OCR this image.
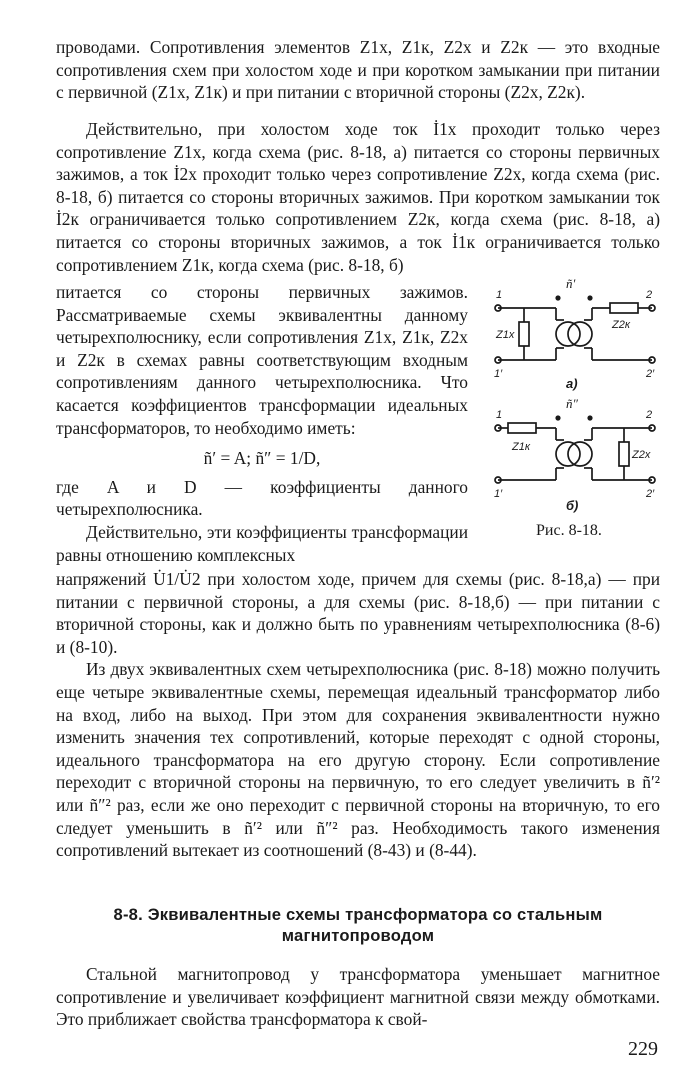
проводами. Сопротивления элементов Z1х, Z1к, Z2х и Z2к — это входные сопротивления схем при холостом ходе и при коротком замыкании при питании с первичной (Z1х, Z1к) и при питании с вторичной стороны (Z2х, Z2к).

Действительно, при холостом ходе ток İ1х проходит только через сопротивление Z1х, когда схема (рис. 8-18, а) питается со стороны первичных зажимов, а ток İ2х проходит только через сопротивление Z2х, когда схема (рис. 8-18, б) питается со стороны вторичных зажимов. При коротком замыкании ток İ2к ограничивается только сопротивлением Z2к, когда схема (рис. 8-18, а) питается со стороны вторичных зажимов, а ток İ1к ограничивается только сопротивлением Z1к, когда схема (рис. 8-18, б)

питается со стороны первичных зажимов. Рассматриваемые схемы эквивалентны данному четырехполюснику, если сопротивления Z1х, Z1к, Z2х и Z2к в схемах равны соответствующим входным сопротивлениям данного четырехполюсника. Что касается коэффициентов трансформации идеальных трансформаторов, то необходимо иметь:

ñ′ = A; ñ″ = 1/D,

где A и D — коэффициенты данного четырехполюсника.

Действительно, эти коэффициенты трансформации равны отношению комплексных

напряжений U̇1/U̇2 при холостом ходе, причем для схемы (рис. 8-18,а) — при питании с первичной стороны, а для схемы (рис. 8-18,б) — при питании с вторичной стороны, как и должно быть по уравнениям четырехполюсника (8-6) и (8-10).

Из двух эквивалентных схем четырехполюсника (рис. 8-18) можно получить еще четыре эквивалентные схемы, перемещая идеальный трансформатор либо на вход, либо на выход. При этом для сохранения эквивалентности нужно изменить значения тех сопротивлений, которые переходят с одной стороны, идеального трансформатора на его другую сторону. Если сопротивление переходит с вторичной стороны на первичную, то его следует увеличить в ñ′² или ñ″² раз, если же оно переходит с первичной стороны на вторичную, то его следует уменьшить в ñ′² или ñ″² раз. Необходимость такого изменения сопротивлений вытекает из соотношений (8-43) и (8-44).

8-8. Эквивалентные схемы трансформатора со стальным магнитопроводом

Стальной магнитопровод у трансформатора уменьшает магнитное сопротивление и увеличивает коэффициент магнитной связи между обмотками. Это приближает свойства трансформатора к свой-

229
ñ′
1	2
1′	2′
Z1х
Z2к
а)
ñ″
1	2
1′	2′
Z1к
Z2х
б)
Рис. 8-18.
